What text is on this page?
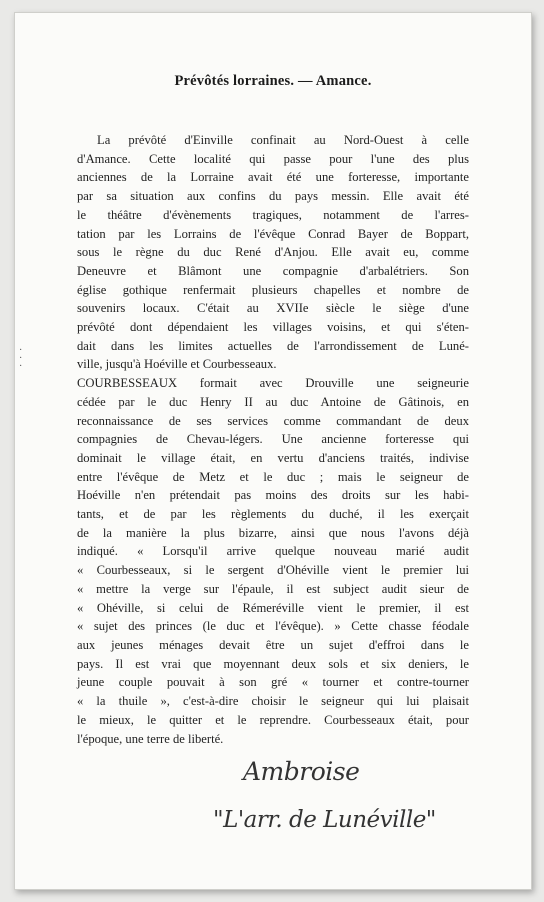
Prévôtés lorraines. — Amance.
·
·
·
La prévôté d'Einville confinait au Nord-Ouest à celle
d'Amance. Cette localité qui passe pour l'une des plus
anciennes de la Lorraine avait été une forteresse, importante
par sa situation aux confins du pays messin. Elle avait été
le théâtre d'évènements tragiques, notamment de l'arres-
tation par les Lorrains de l'évêque Conrad Bayer de Boppart,
sous le règne du duc René d'Anjou. Elle avait eu, comme
Deneuvre et Blâmont une compagnie d'arbalétriers. Son
église gothique renfermait plusieurs chapelles et nombre de
souvenirs locaux. C'était au XVIIe siècle le siège d'une
prévôté dont dépendaient les villages voisins, et qui s'éten-
dait dans les limites actuelles de l'arrondissement de Luné-
ville, jusqu'à Hoéville et Courbesseaux.
COURBESSEAUX formait avec Drouville une seigneurie
cédée par le duc Henry II au duc Antoine de Gâtinois, en
reconnaissance de ses services comme commandant de deux
compagnies de Chevau-légers. Une ancienne forteresse qui
dominait le village était, en vertu d'anciens traités, indivise
entre l'évêque de Metz et le duc ; mais le seigneur de
Hoéville n'en prétendait pas moins des droits sur les habi-
tants, et de par les règlements du duché, il les exerçait
de la manière la plus bizarre, ainsi que nous l'avons déjà
indiqué. « Lorsqu'il arrive quelque nouveau marié audit
« Courbesseaux, si le sergent d'Ohéville vient le premier lui
« mettre la verge sur l'épaule, il est subject audit sieur de
« Ohéville, si celui de Rémeréville vient le premier, il est
« sujet des princes (le duc et l'évêque). » Cette chasse féodale
aux jeunes ménages devait être un sujet d'effroi dans le
pays. Il est vrai que moyennant deux sols et six deniers, le
jeune couple pouvait à son gré « tourner et contre-tourner
« la thuile », c'est-à-dire choisir le seigneur qui lui plaisait
le mieux, le quitter et le reprendre. Courbesseaux était, pour
l'époque, une terre de liberté.
Ambroise
"L'arr. de Lunéville"
